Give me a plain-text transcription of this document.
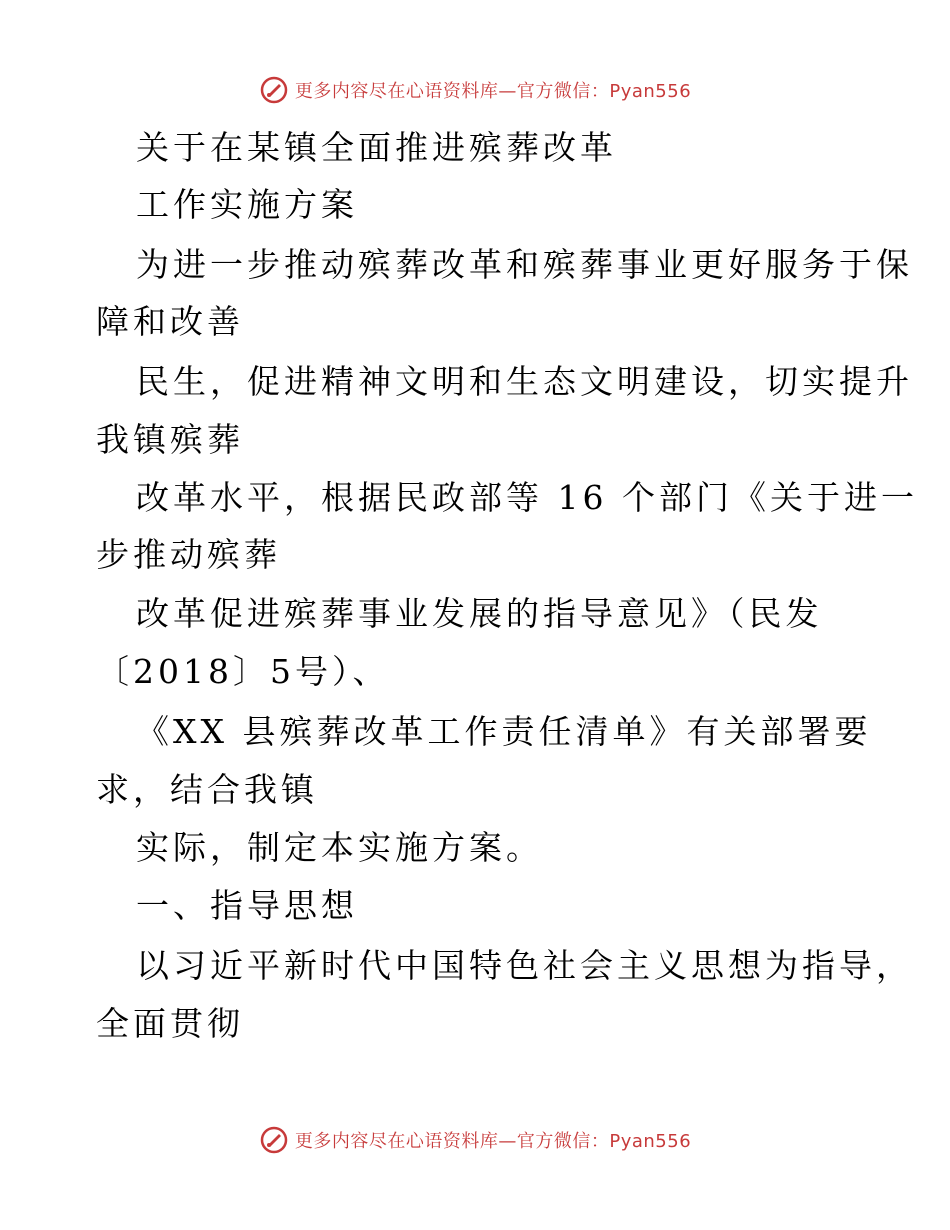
更多内容尽在心语资料库—官方微信：Pyan556
关于在某镇全面推进殡葬改革
工作实施方案
为进一步推动殡葬改革和殡葬事业更好服务于保
障和改善
民生，促进精神文明和生态文明建设，切实提升
我镇殡葬
改革水平，根据民政部等 16 个部门《关于进一
步推动殡葬
改革促进殡葬事业发展的指导意见》（民发
〔2018〕5号）、
《XX 县殡葬改革工作责任清单》有关部署要
求，结合我镇
实际，制定本实施方案。
一、指导思想
以习近平新时代中国特色社会主义思想为指导，
全面贯彻
更多内容尽在心语资料库—官方微信：Pyan556
